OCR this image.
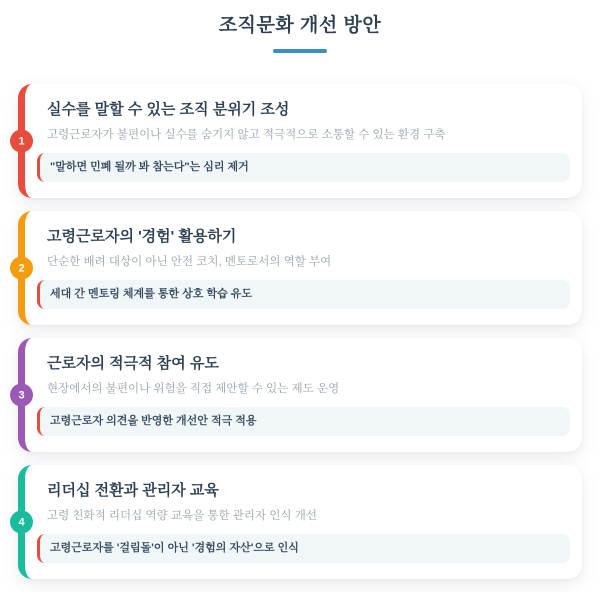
조직문화 개선 방안
1
실수를 말할 수 있는 조직 분위기 조성
고령근로자가 불편이나 실수를 숨기지 않고 적극적으로 소통할 수 있는 환경 구축
"말하면 민폐 될까 봐 참는다"는 심리 제거
2
고령근로자의 '경험' 활용하기
단순한 배려 대상이 아닌 안전 코치, 멘토로서의 역할 부여
세대 간 멘토링 체계를 통한 상호 학습 유도
3
근로자의 적극적 참여 유도
현장에서의 불편이나 위험을 직접 제안할 수 있는 제도 운영
고령근로자 의견을 반영한 개선안 적극 적용
4
리더십 전환과 관리자 교육
고령 친화적 리더십 역량 교육을 통한 관리자 인식 개선
고령근로자를 '걸림돌'이 아닌 '경험의 자산'으로 인식
